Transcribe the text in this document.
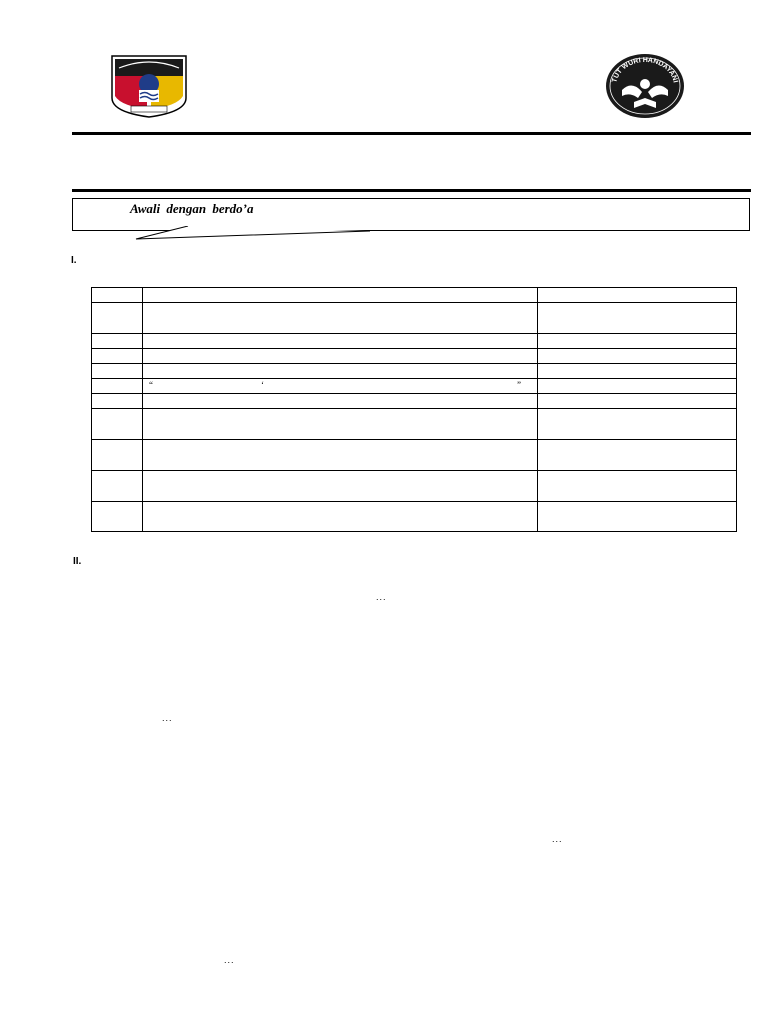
TUT WURI HANDAYANI
Awali dengan berdo’a
I.

	“ ‘ ”	

II.
...
...
...
...
